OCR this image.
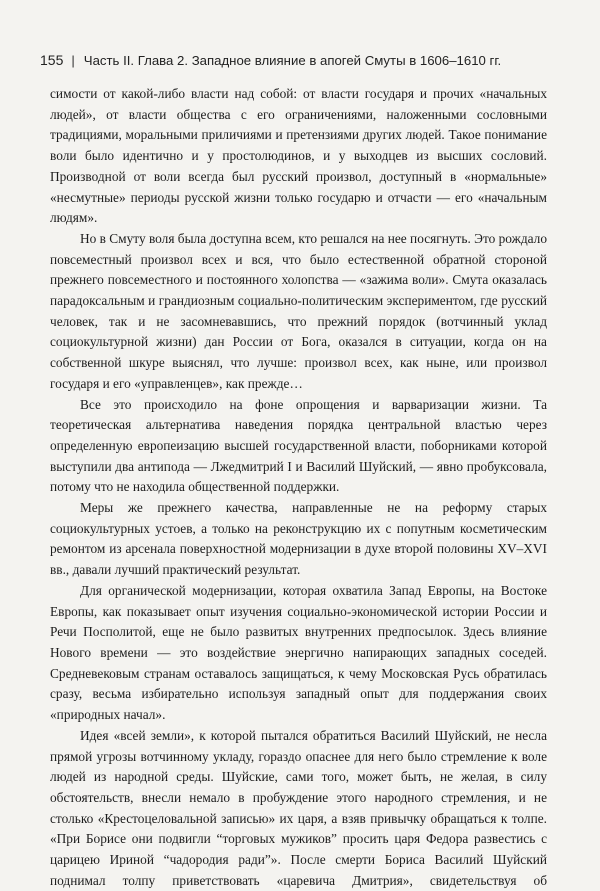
155 | Часть II. Глава 2. Западное влияние в апогей Смуты в 1606–1610 гг.

симости от какой-либо власти над собой: от власти государя и прочих «начальных людей», от власти общества с его ограничениями, наложенными сословными традициями, моральными приличиями и претензиями других людей. Такое понимание воли было идентично и у простолюдинов, и у выходцев из высших сословий. Производной от воли всегда был русский произвол, доступный в «нормальные» «несмутные» периоды русской жизни только государю и отчасти — его «начальным людям».

Но в Смуту воля была доступна всем, кто решался на нее посягнуть. Это рождало повсеместный произвол всех и вся, что было естественной обратной стороной прежнего повсеместного и постоянного холопства — «зажима воли». Смута оказалась парадоксальным и грандиозным социально-политическим экспериментом, где русский человек, так и не засомневавшись, что прежний порядок (вотчинный уклад социокультурной жизни) дан России от Бога, оказался в ситуации, когда он на собственной шкуре выяснял, что лучше: произвол всех, как ныне, или произвол государя и его «управленцев», как прежде…

Все это происходило на фоне опрощения и варваризации жизни. Та теоретическая альтернатива наведения порядка центральной властью через определенную европеизацию высшей государственной власти, поборниками которой выступили два антипода — Лжедмитрий I и Василий Шуйский, — явно пробуксовала, потому что не находила общественной поддержки.

Меры же прежнего качества, направленные не на реформу старых социокультурных устоев, а только на реконструкцию их с попутным косметическим ремонтом из арсенала поверхностной модернизации в духе второй половины XV–XVI вв., давали лучший практический результат.

Для органической модернизации, которая охватила Запад Европы, на Востоке Европы, как показывает опыт изучения социально-экономической истории России и Речи Посполитой, еще не было развитых внутренних предпосылок. Здесь влияние Нового времени — это воздействие энергично напирающих западных соседей. Средневековым странам оставалось защищаться, к чему Московская Русь обратилась сразу, весьма избирательно используя западный опыт для поддержания своих «природных начал».

Идея «всей земли», к которой пытался обратиться Василий Шуйский, не несла прямой угрозы вотчинному укладу, гораздо опаснее для него было стремление к воле людей из народной среды. Шуйские, сами того, может быть, не желая, в силу обстоятельств, внесли немало в пробуждение этого народного стремления, и не столько «Крестоцеловальной записью» их царя, а взяв привычку обращаться к толпе. «При Борисе они подвигли “торговых мужиков” просить царя Федора развестись с царицею Ириной “чадородия ради”». После смерти Бориса Василий Шуйский поднимал толпу приветствовать «царевича Дмитрия», свидетельствуя об
